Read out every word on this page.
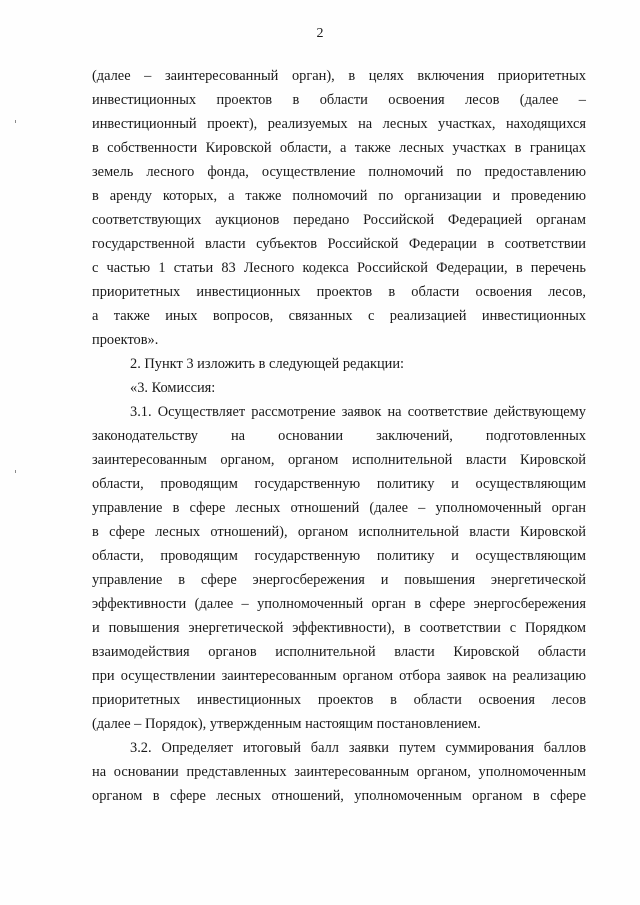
2
(далее – заинтересованный орган), в целях включения приоритетных
инвестиционных проектов в области освоения лесов (далее –
инвестиционный проект), реализуемых на лесных участках, находящихся
в собственности Кировской области, а также лесных участках в границах
земель лесного фонда, осуществление полномочий по предоставлению
в аренду которых, а также полномочий по организации и проведению
соответствующих аукционов передано Российской Федерацией органам
государственной власти субъектов Российской Федерации в соответствии
с частью 1 статьи 83 Лесного кодекса Российской Федерации, в перечень
приоритетных инвестиционных проектов в области освоения лесов,
а также иных вопросов, связанных с реализацией инвестиционных
проектов».
2. Пункт 3 изложить в следующей редакции:
«3. Комиссия:
3.1. Осуществляет рассмотрение заявок на соответствие действующему
законодательству на основании заключений, подготовленных
заинтересованным органом, органом исполнительной власти Кировской
области, проводящим государственную политику и осуществляющим
управление в сфере лесных отношений (далее – уполномоченный орган
в сфере лесных отношений), органом исполнительной власти Кировской
области, проводящим государственную политику и осуществляющим
управление в сфере энергосбережения и повышения энергетической
эффективности (далее – уполномоченный орган в сфере энергосбережения
и повышения энергетической эффективности), в соответствии с Порядком
взаимодействия органов исполнительной власти Кировской области
при осуществлении заинтересованным органом отбора заявок на реализацию
приоритетных инвестиционных проектов в области освоения лесов
(далее – Порядок), утвержденным настоящим постановлением.
3.2. Определяет итоговый балл заявки путем суммирования баллов
на основании представленных заинтересованным органом, уполномоченным
органом в сфере лесных отношений, уполномоченным органом в сфере
